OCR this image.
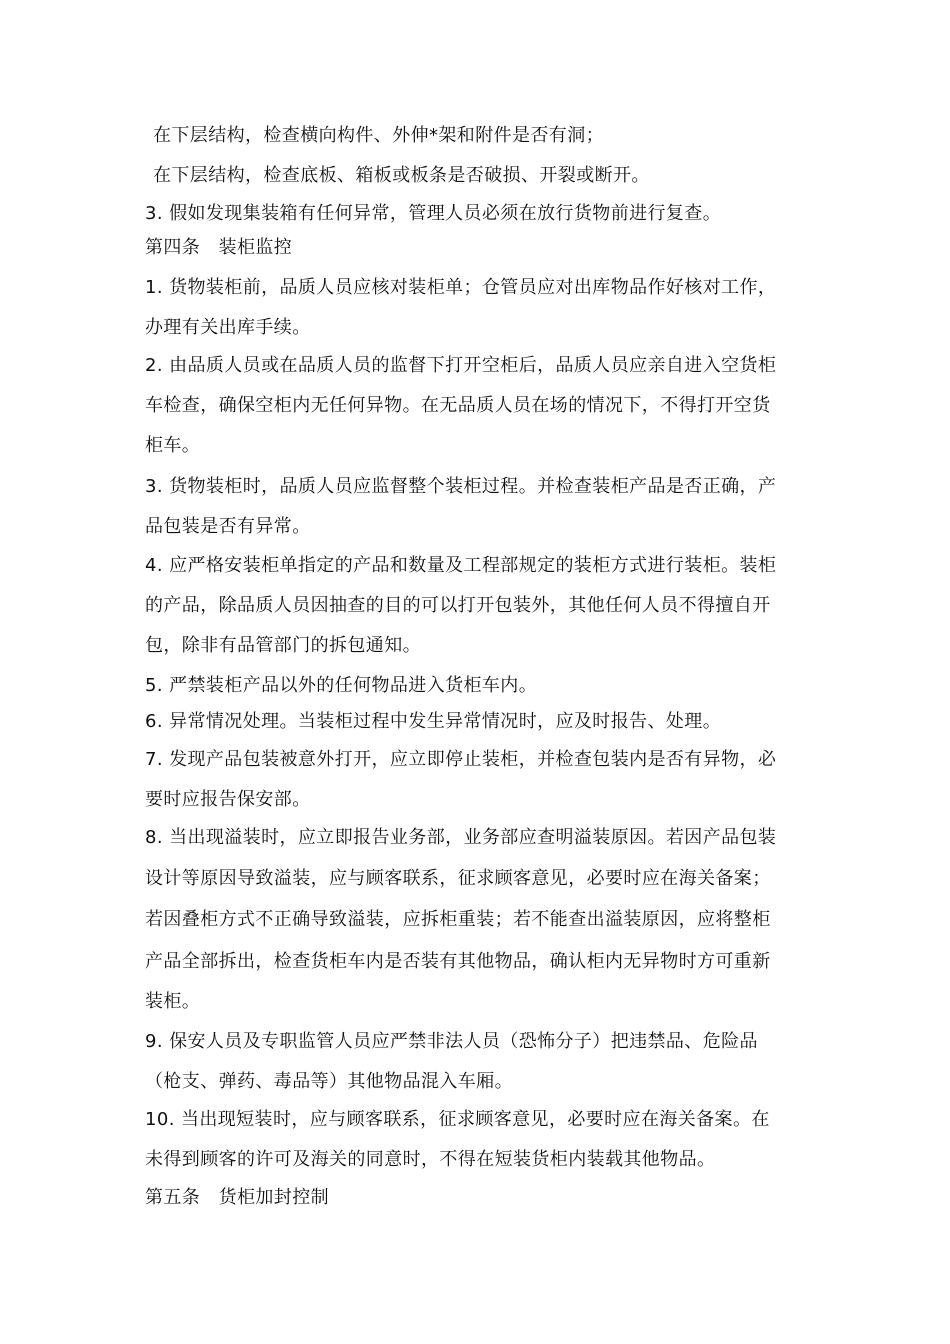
在下层结构，检查横向构件、外伸*架和附件是否有洞；
在下层结构，检查底板、箱板或板条是否破损、开裂或断开。
3. 假如发现集装箱有任何异常，管理人员必须在放行货物前进行复查。
第四条　装柜监控
1. 货物装柜前，品质人员应核对装柜单；仓管员应对出库物品作好核对工作，
办理有关出库手续。
2. 由品质人员或在品质人员的监督下打开空柜后，品质人员应亲自进入空货柜
车检查，确保空柜内无任何异物。在无品质人员在场的情况下，不得打开空货
柜车。
3. 货物装柜时，品质人员应监督整个装柜过程。并检查装柜产品是否正确，产
品包装是否有异常。
4. 应严格安装柜单指定的产品和数量及工程部规定的装柜方式进行装柜。装柜
的产品，除品质人员因抽查的目的可以打开包装外，其他任何人员不得擅自开
包，除非有品管部门的拆包通知。
5. 严禁装柜产品以外的任何物品进入货柜车内。
6. 异常情况处理。当装柜过程中发生异常情况时，应及时报告、处理。
7. 发现产品包装被意外打开，应立即停止装柜，并检查包装内是否有异物，必
要时应报告保安部。
8. 当出现溢装时，应立即报告业务部，业务部应查明溢装原因。若因产品包装
设计等原因导致溢装，应与顾客联系，征求顾客意见，必要时应在海关备案；
若因叠柜方式不正确导致溢装，应拆柜重装；若不能查出溢装原因，应将整柜
产品全部拆出，检查货柜车内是否装有其他物品，确认柜内无异物时方可重新
装柜。
9. 保安人员及专职监管人员应严禁非法人员（恐怖分子）把违禁品、危险品
（枪支、弹药、毒品等）其他物品混入车厢。
10. 当出现短装时，应与顾客联系，征求顾客意见，必要时应在海关备案。在
未得到顾客的许可及海关的同意时，不得在短装货柜内装载其他物品。
第五条　货柜加封控制
